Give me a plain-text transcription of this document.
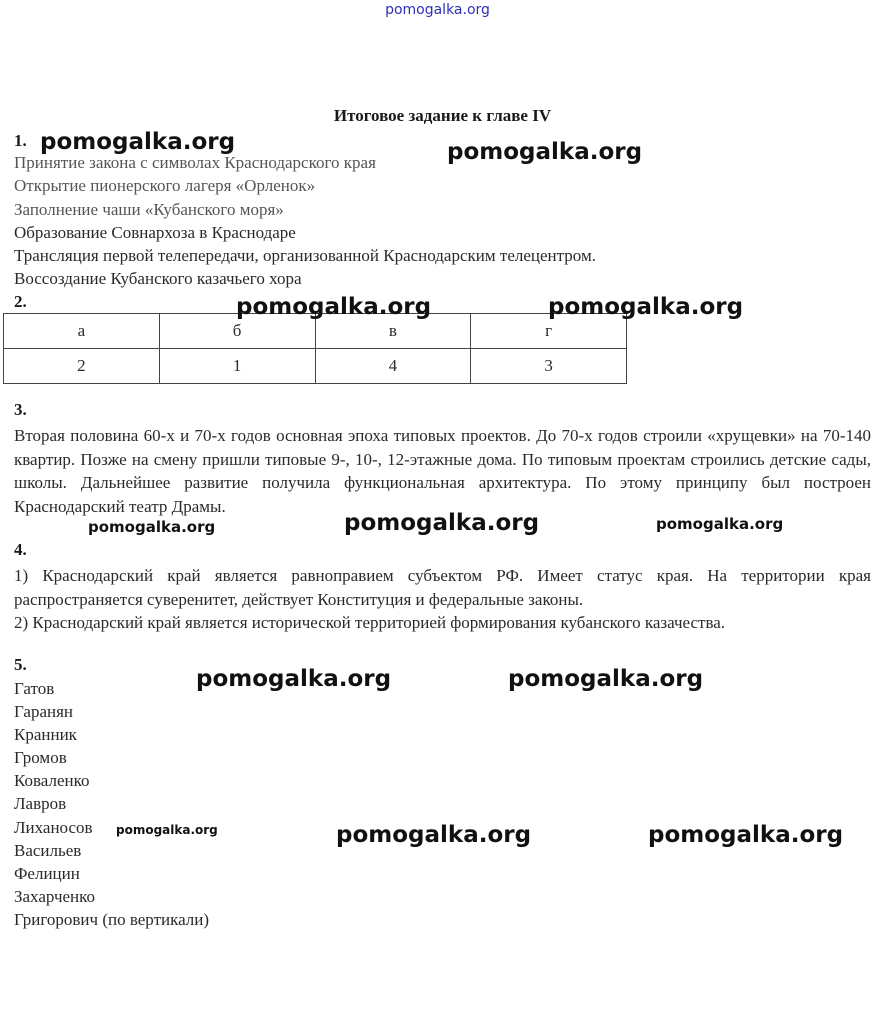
pomogalka.org
Итоговое задание к главе IV
1.
Принятие закона с символах Краснодарского края
Открытие пионерского лагеря «Орленок»
Заполнение чаши «Кубанского моря»
Образование Совнархоза в Краснодаре
Трансляция первой телепередачи, организованной Краснодарским телецентром.
Воссоздание Кубанского казачьего хора
2.
а	б	в	г
2	1	4	3
3.

Вторая половина 60-х и 70-х годов основная эпоха типовых проектов. До 70-х годов строили «хрущевки» на 70-140 квартир. Позже на смену пришли типовые 9-, 10-, 12-этажные дома. По типовым проектам строились детские сады, школы. Дальнейшее развитие получила функциональная архитектура. По этому принципу был построен Краснодарский театр Драмы.

4.

1) Краснодарский край является равноправием субъектом РФ. Имеет статус края. На территории края распространяется суверенитет, действует Конституция и федеральные законы.

2) Краснодарский край является исторической территорией формирования кубанского казачества.

5.
Гатов
Гаранян
Кранник
Громов
Коваленко
Лавров
Лиханосов
Васильев
Фелицин
Захарченко
Григорович (по вертикали)
pomogalka.org	pomogalka.org
pomogalka.org	pomogalka.org
pomogalka.org	pomogalka.org	pomogalka.org
pomogalka.org	pomogalka.org
pomogalka.org	pomogalka.org	pomogalka.org
